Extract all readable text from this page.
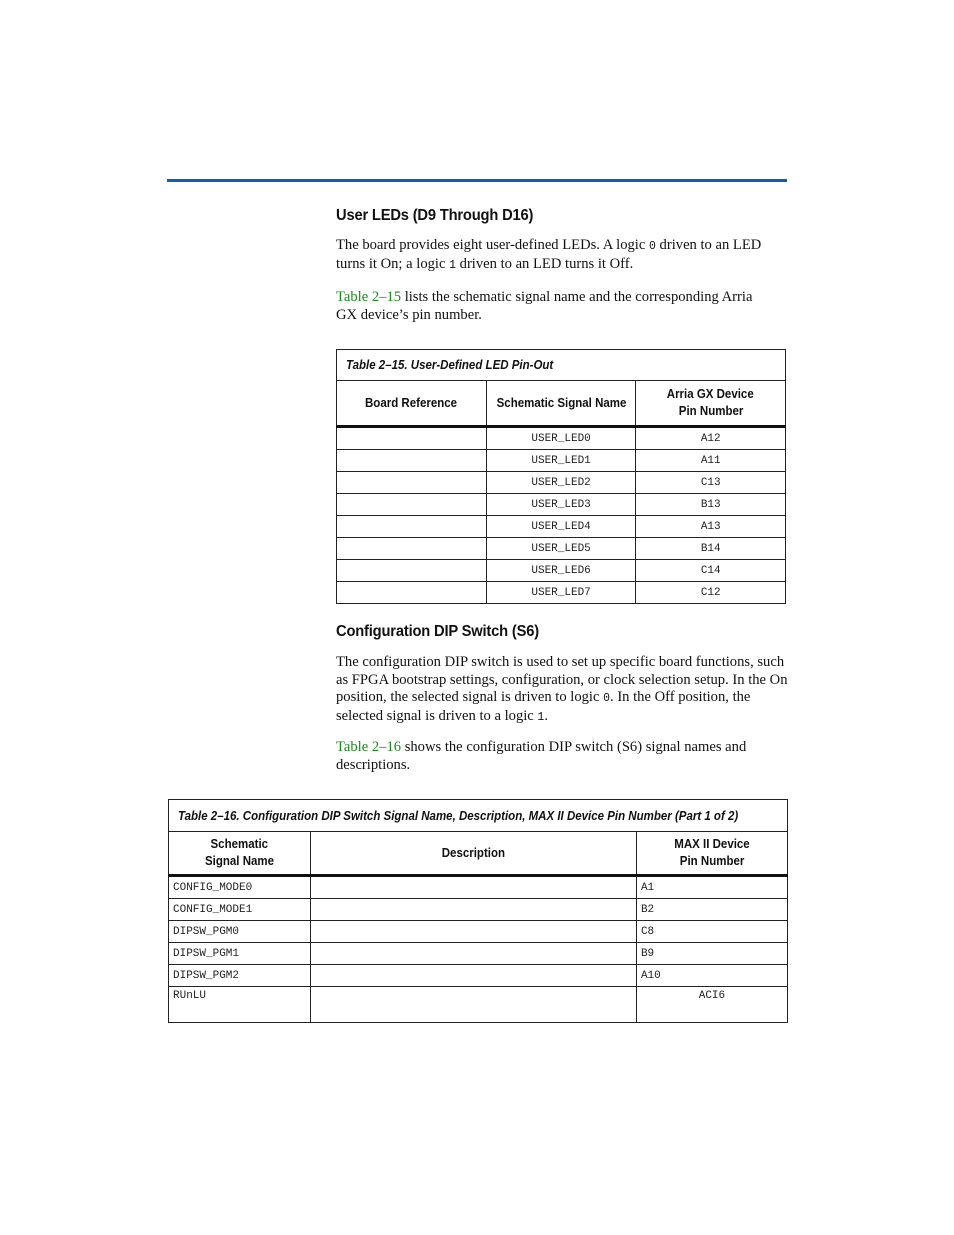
User LEDs (D9 Through D16)
The board provides eight user-defined LEDs. A logic 0 driven to an LED turns it On; a logic 1 driven to an LED turns it Off.
Table 2–15 lists the schematic signal name and the corresponding Arria GX device’s pin number.
Table 2–15. User-Defined LED Pin-Out		
Board Reference	Schematic Signal Name	Arria GX Device
Pin Number
	USER_LED0	A12
	USER_LED1	A11
	USER_LED2	C13
	USER_LED3	B13
	USER_LED4	A13
	USER_LED5	B14
	USER_LED6	C14
	USER_LED7	C12
Configuration DIP Switch (S6)
The configuration DIP switch is used to set up specific board functions, such as FPGA bootstrap settings, configuration, or clock selection setup. In the On position, the selected signal is driven to logic 0. In the Off position, the selected signal is driven to a logic 1.
Table 2–16 shows the configuration DIP switch (S6) signal names and descriptions.
Table 2–16. Configuration DIP Switch Signal Name, Description, MAX II Device Pin Number (Part 1 of 2)		
Schematic
Signal Name	Description	MAX II Device
Pin Number
CONFIG_MODE0		A1
CONFIG_MODE1		B2
DIPSW_PGM0		C8
DIPSW_PGM1		B9
DIPSW_PGM2		A10
RUnLU		ACI6
